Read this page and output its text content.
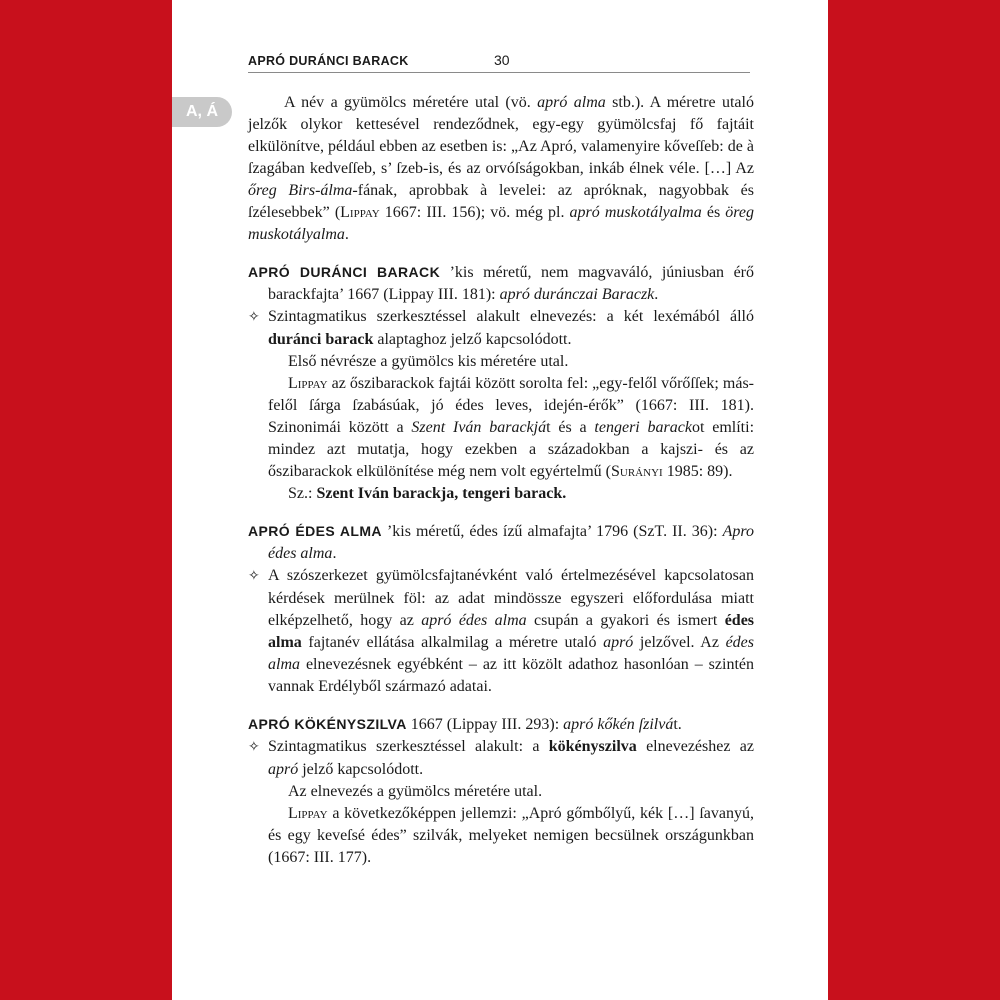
A, Á
APRÓ DURÁNCI BARACK	30

A név a gyümölcs méretére utal (vö. apró alma stb.). A méretre utaló jelzők olykor kettesével rendeződnek, egy-egy gyümölcsfaj fő fajtáit elkülönítve, például ebben az esetben is: „Az Apró, valamenyire kőveſſeb: de à ſzagában kedveſſeb, s’ ſzeb-is, és az orvóſságokban, inkáb élnek véle. […] Az őreg Birs-álma-fának, aprobbak à levelei: az apróknak, nagyobbak és ſzélesebbek” (Lippay 1667: III. 156); vö. még pl. apró muskotályalma és öreg muskotályalma.

APRÓ DURÁNCI BARACK ’kis méretű, nem magvaváló, júniusban érő barackfajta’ 1667 (Lippay III. 181): apró duránczai Baraczk.

✧ Szintagmatikus szerkesztéssel alakult elnevezés: a két lexémából álló duránci barack alaptaghoz jelző kapcsolódott.

Első névrésze a gyümölcs kis méretére utal.

Lippay az őszibarackok fajtái között sorolta fel: „egy-felől vőrőſſek; más-felől ſárga ſzabásúak, jó édes leves, idején-érők” (1667: III. 181). Szinonimái között a Szent Iván barackját és a tengeri barackot említi: mindez azt mutatja, hogy ezekben a századokban a kajszi- és az őszibarackok elkülönítése még nem volt egyértelmű (Surányi 1985: 89).

Sz.: Szent Iván barackja, tengeri barack.

APRÓ ÉDES ALMA ’kis méretű, édes ízű almafajta’ 1796 (SzT. II. 36): Apro édes alma.

✧ A szószerkezet gyümölcsfajtanévként való értelmezésével kapcsolatosan kérdések merülnek föl: az adat mindössze egyszeri előfordulása miatt elképzelhető, hogy az apró édes alma csupán a gyakori és ismert édes alma fajtanév ellátása alkalmilag a méretre utaló apró jelzővel. Az édes alma elnevezésnek egyébként – az itt közölt adathoz hasonlóan – szintén vannak Erdélyből származó adatai.

APRÓ KÖKÉNYSZILVA 1667 (Lippay III. 293): apró kőkén ſzilvát.

✧ Szintagmatikus szerkesztéssel alakult: a kökényszilva elnevezéshez az apró jelző kapcsolódott.

Az elnevezés a gyümölcs méretére utal.

Lippay a következőképpen jellemzi: „Apró gőmbőlyű, kék […] ſavanyú, és egy keveſsé édes” szilvák, melyeket nemigen becsülnek országunkban (1667: III. 177).
